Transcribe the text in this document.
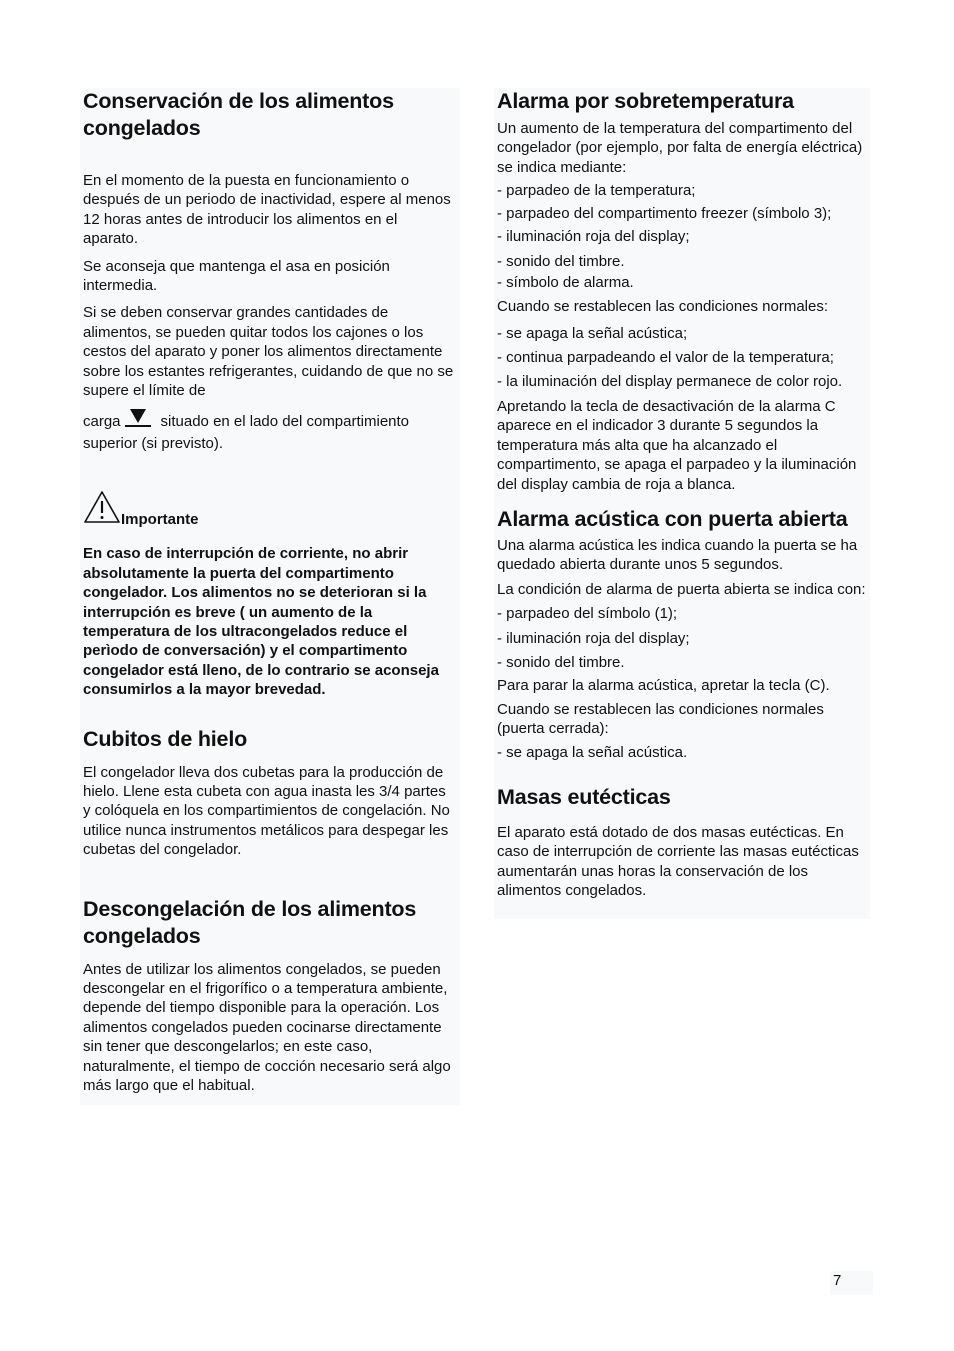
Conservación de los alimentos congelados

En el momento de la puesta en funcionamiento o después de un periodo de inactividad, espere al menos 12 horas antes de introducir los alimentos en el aparato.

Se aconseja que mantenga el asa en posición intermedia.

Si se deben conservar grandes cantidades de alimentos, se pueden quitar todos los cajones o los cestos del aparato y poner los alimentos directamente sobre los estantes refrigerantes, cuidando de que no se supere el límite de

carga	situado en el lado del compartimiento superior (si previsto).

Importante

En caso de interrupción de corriente, no abrir absolutamente la puerta del compartimento congelador. Los alimentos no se deterioran si la interrupción es breve ( un aumento de la temperatura de los ultracongelados reduce el perìodo de conversación) y el compartimento congelador está lleno, de lo contrario se aconseja consumirlos a la mayor brevedad.

Cubitos de hielo

El congelador lleva dos cubetas para la producción de hielo. Llene esta cubeta con agua inasta les 3/4 partes y colóquela en los compartimientos de congelación. No utilice nunca instrumentos metálicos para despegar les cubetas del congelador.

Descongelación de los alimentos congelados

Antes de utilizar los alimentos congelados, se pueden descongelar en el frigorífico o a temperatura ambiente, depende del tiempo disponible para la operación. Los alimentos congelados pueden cocinarse directamente sin tener que descongelarlos; en este caso, naturalmente, el tiempo de cocción necesario será algo más largo que el habitual.

Alarma por sobretemperatura

Un aumento de la temperatura del compartimento del congelador (por ejemplo, por falta de energía eléctrica) se indica mediante:

- parpadeo de la temperatura;

- parpadeo del compartimento freezer (símbolo 3);

- iluminación roja del display;

- sonido del timbre.

- símbolo de alarma.

Cuando se restablecen las condiciones normales:

- se apaga la señal acústica;

- continua parpadeando el valor de la temperatura;

- la iluminación del display permanece de color rojo.

Apretando la tecla de desactivación de la alarma C aparece en el indicador 3 durante 5 segundos la temperatura más alta que ha alcanzado el compartimento, se apaga el parpadeo y la iluminación del display cambia de roja a blanca.

Alarma acústica con puerta abierta

Una alarma acústica les indica cuando la puerta se ha quedado abierta durante unos 5 segundos.

La condición de alarma de puerta abierta se indica con:

- parpadeo del símbolo (1);

- iluminación roja del display;

- sonido del timbre.

Para parar la alarma acústica, apretar la tecla (C).

Cuando se restablecen las condiciones normales (puerta cerrada):

- se apaga la señal acústica.

Masas eutécticas

El aparato está dotado de dos masas eutécticas. En caso de interrupción de corriente las masas eutécticas aumentarán unas horas la conservación de los alimentos congelados.

7
